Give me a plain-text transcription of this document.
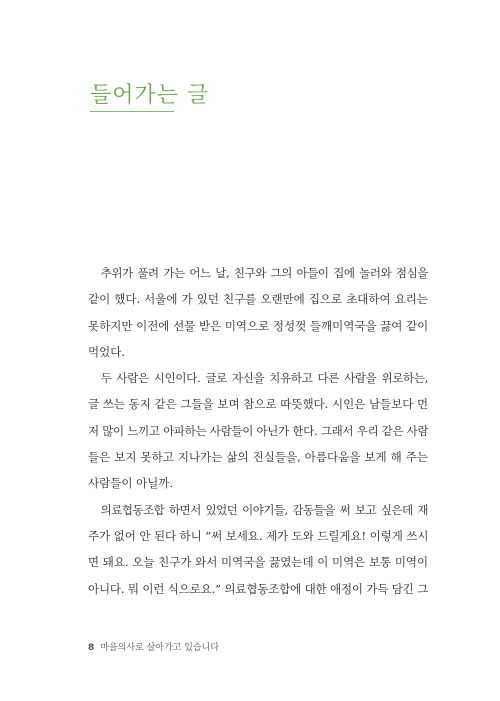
들어가는 글

추위가 풀려 가는 어느 날, 친구와 그의 아들이 집에 놀러와 점심을
같이 했다. 서울에 가 있던 친구를 오랜만에 집으로 초대하여 요리는
못하지만 이전에 선물 받은 미역으로 정성껏 들깨미역국을 끓여 같이
먹었다.

두 사람은 시인이다. 글로 자신을 치유하고 다른 사람을 위로하는,
글 쓰는 동지 같은 그들을 보며 참으로 따뜻했다. 시인은 남들보다 먼
저 많이 느끼고 아파하는 사람들이 아닌가 한다. 그래서 우리 같은 사람
들은 보지 못하고 지나가는 삶의 진실들을, 아름다움을 보게 해 주는
사람들이 아닐까.

의료협동조합 하면서 있었던 이야기들, 감동들을 써 보고 싶은데 재
주가 없어 안 된다 하니 “써 보세요. 제가 도와 드릴게요! 이렇게 쓰시
면 돼요. 오늘 친구가 와서 미역국을 끓였는데 이 미역은 보통 미역이
아니다. 뭐 이런 식으로요.” 의료협동조합에 대한 애정이 가득 담긴 그

8 마을의사로 살아가고 있습니다
